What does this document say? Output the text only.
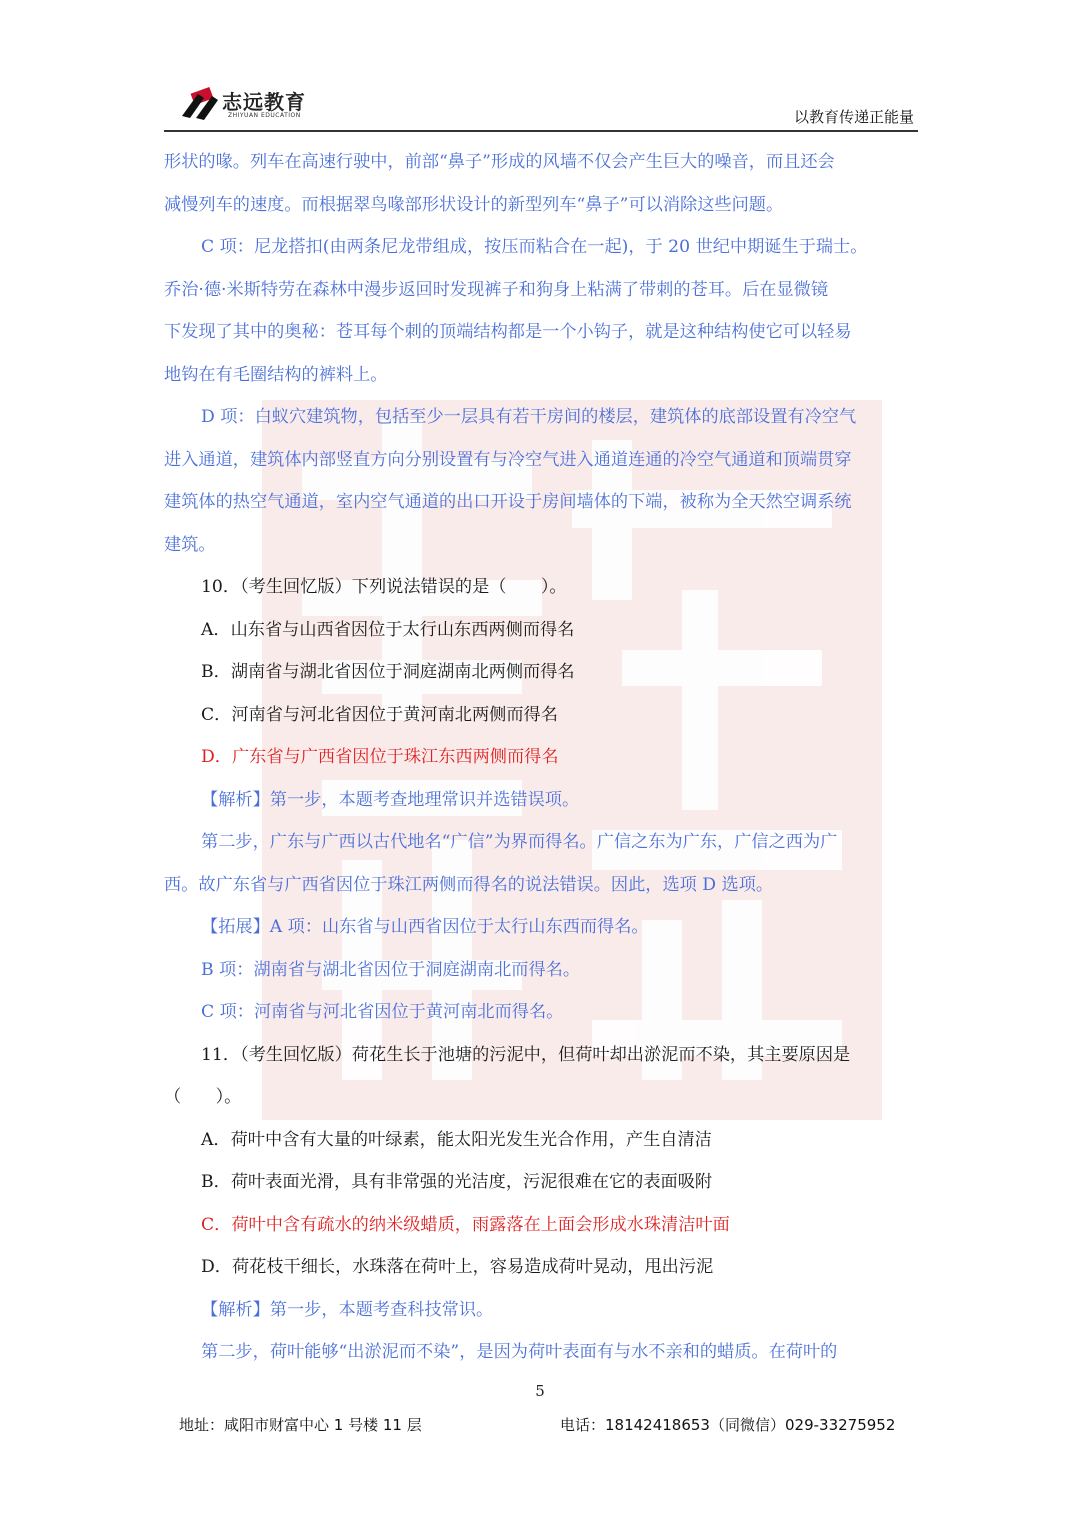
志远教育
ZHIYUAN EDUCATION	以教育传递正能量
形状的喙。列车在高速行驶中，前部“鼻子”形成的风墙不仅会产生巨大的噪音，而且还会
减慢列车的速度。而根据翠鸟喙部形状设计的新型列车“鼻子”可以消除这些问题。
C 项：尼龙搭扣(由两条尼龙带组成，按压而粘合在一起)，于 20 世纪中期诞生于瑞士。
乔治·德·米斯特劳在森林中漫步返回时发现裤子和狗身上粘满了带刺的苍耳。后在显微镜
下发现了其中的奥秘：苍耳每个刺的顶端结构都是一个小钩子，就是这种结构使它可以轻易
地钩在有毛圈结构的裤料上。
D 项：白蚁穴建筑物，包括至少一层具有若干房间的楼层，建筑体的底部设置有冷空气
进入通道，建筑体内部竖直方向分别设置有与冷空气进入通道连通的冷空气通道和顶端贯穿
建筑体的热空气通道，室内空气通道的出口开设于房间墙体的下端，被称为全天然空调系统
建筑。
10．（考生回忆版）下列说法错误的是（　　）。
A．山东省与山西省因位于太行山东西两侧而得名
B．湖南省与湖北省因位于洞庭湖南北两侧而得名
C．河南省与河北省因位于黄河南北两侧而得名
D．广东省与广西省因位于珠江东西两侧而得名
【解析】第一步，本题考查地理常识并选错误项。
第二步，广东与广西以古代地名“广信”为界而得名。广信之东为广东，广信之西为广
西。故广东省与广西省因位于珠江两侧而得名的说法错误。因此，选项 D 选项。
【拓展】A 项：山东省与山西省因位于太行山东西而得名。
B 项：湖南省与湖北省因位于洞庭湖南北而得名。
C 项：河南省与河北省因位于黄河南北而得名。
11．（考生回忆版）荷花生长于池塘的污泥中，但荷叶却出淤泥而不染，其主要原因是
（　　）。
A．荷叶中含有大量的叶绿素，能太阳光发生光合作用，产生自清洁
B．荷叶表面光滑，具有非常强的光洁度，污泥很难在它的表面吸附
C．荷叶中含有疏水的纳米级蜡质，雨露落在上面会形成水珠清洁叶面
D．荷花枝干细长，水珠落在荷叶上，容易造成荷叶晃动，甩出污泥
【解析】第一步，本题考查科技常识。
第二步，荷叶能够“出淤泥而不染”，是因为荷叶表面有与水不亲和的蜡质。在荷叶的
5
地址：咸阳市财富中心 1 号楼 11 层	电话：18142418653（同微信）029-33275952
